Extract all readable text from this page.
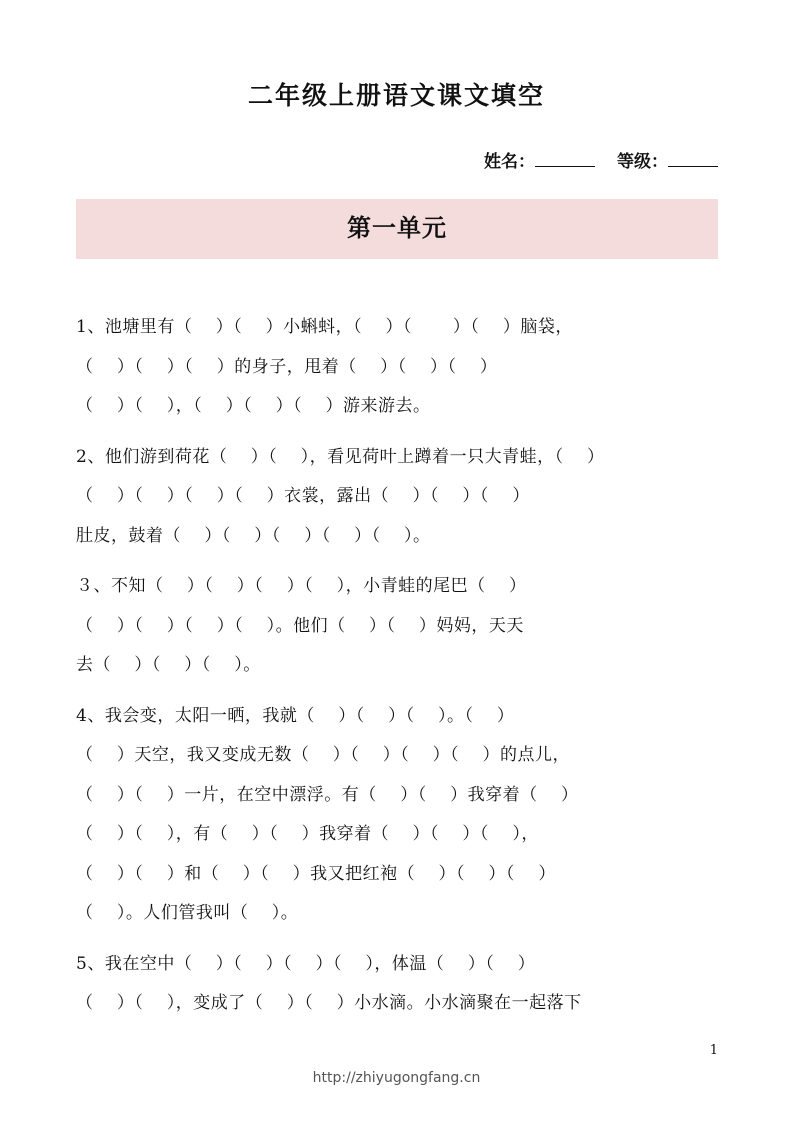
二年级上册语文课文填空
姓名：	等级：
第一单元
1、池塘里有（　 ）（　 ）小蝌蚪，（　 ）（　　 ）（　 ）脑袋，
（　 ）（　 ）（　 ）的身子，甩着（　 ）（　 ）（　 ）
（　 ）（　 ），（　 ）（　 ）（　 ）游来游去。
2、他们游到荷花（　 ）（　 ），看见荷叶上蹲着一只大青蛙，（　 ）
（　 ）（　 ）（　 ）（　 ）衣裳，露出（　 ）（　 ）（　 ）
肚皮，鼓着（　 ）（　 ）（　 ）（　 ）（　 ）。
３、不知（　 ）（　 ）（　 ）（　 ），小青蛙的尾巴（　 ）
（　 ）（　 ）（　 ）（　 ）。他们（　 ）（　 ）妈妈，天天
去（　 ）（　 ）（　 ）。
4、我会变，太阳一晒，我就（　 ）（　 ）（　 ）。（　 ）
（　 ）天空，我又变成无数（　 ）（　 ）（　 ）（　 ）的点儿，
（　 ）（　 ）一片，在空中漂浮。有（　 ）（　 ）我穿着（　 ）
（　 ）（　 ），有（　 ）（　 ）我穿着（　 ）（　 ）（　 ），
（　 ）（　 ）和（　 ）（　 ）我又把红袍（　 ）（　 ）（　 ）
（　 ）。人们管我叫（　 ）。
5、我在空中（　 ）（　 ）（　 ）（　 ），体温（　 ）（　 ）
（　 ）（　 ），变成了（　 ）（　 ）小水滴。小水滴聚在一起落下
1
http://zhiyugongfang.cn
